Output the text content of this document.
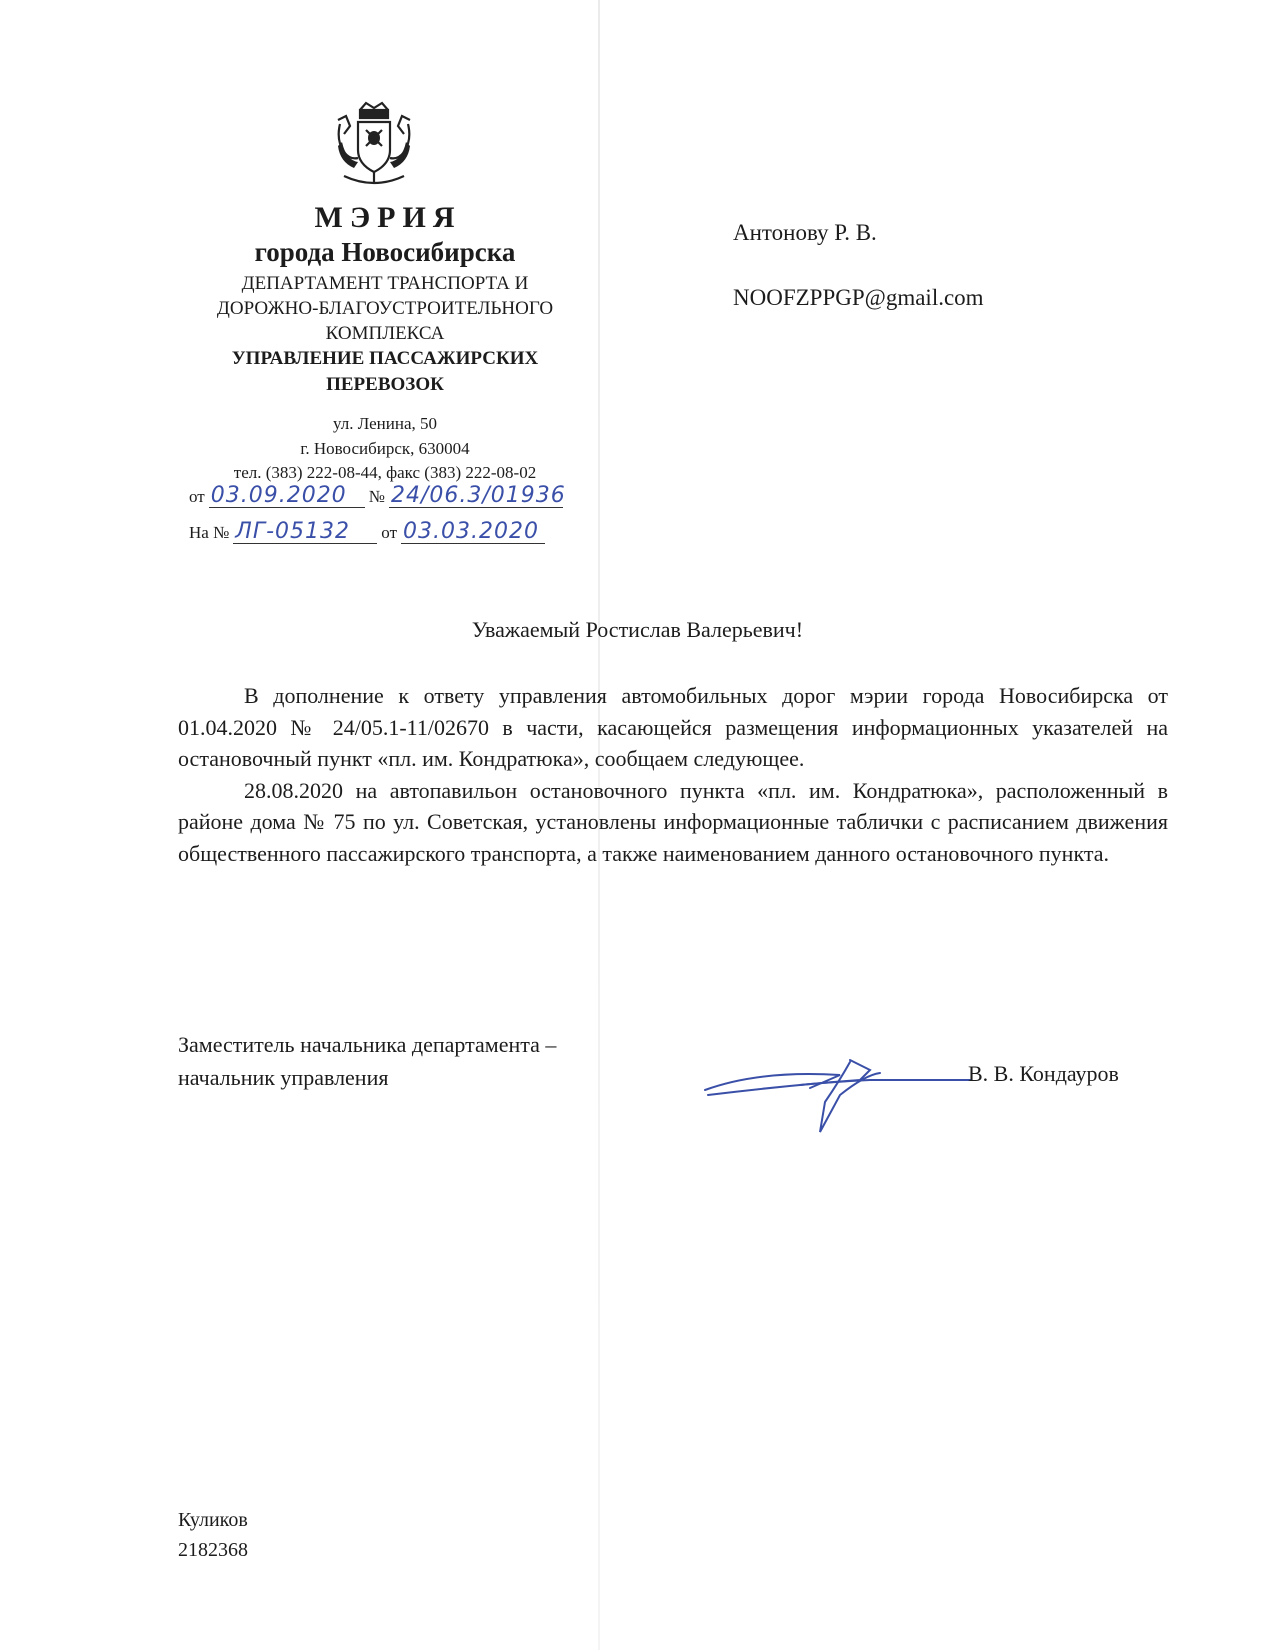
МЭРИЯ
города Новосибирска
ДЕПАРТАМЕНТ ТРАНСПОРТА И
ДОРОЖНО-БЛАГОУСТРОИТЕЛЬНОГО
КОМПЛЕКСА
УПРАВЛЕНИЕ ПАССАЖИРСКИХ
ПЕРЕВОЗОК
ул. Ленина, 50
г. Новосибирск, 630004
тел. (383) 222-08-44, факс (383) 222-08-02
от 03.09.2020 № 24/06.3/01936
На № ЛГ-05132 от 03.03.2020
Антонову Р. В.
NOOFZPPGP@gmail.com
Уважаемый Ростислав Валерьевич!

В дополнение к ответу управления автомобильных дорог мэрии города Новосибирска от 01.04.2020 № 24/05.1-11/02670 в части, касающейся размещения информационных указателей на остановочный пункт «пл. им. Кондратюка», сообщаем следующее.

28.08.2020 на автопавильон остановочного пункта «пл. им. Кондратюка», расположенный в районе дома № 75 по ул. Советская, установлены информационные таблички с расписанием движения общественного пассажирского транспорта, а также наименованием данного остановочного пункта.

Заместитель начальника департамента –
начальник управления	В. В. Кондауров
Куликов
2182368
